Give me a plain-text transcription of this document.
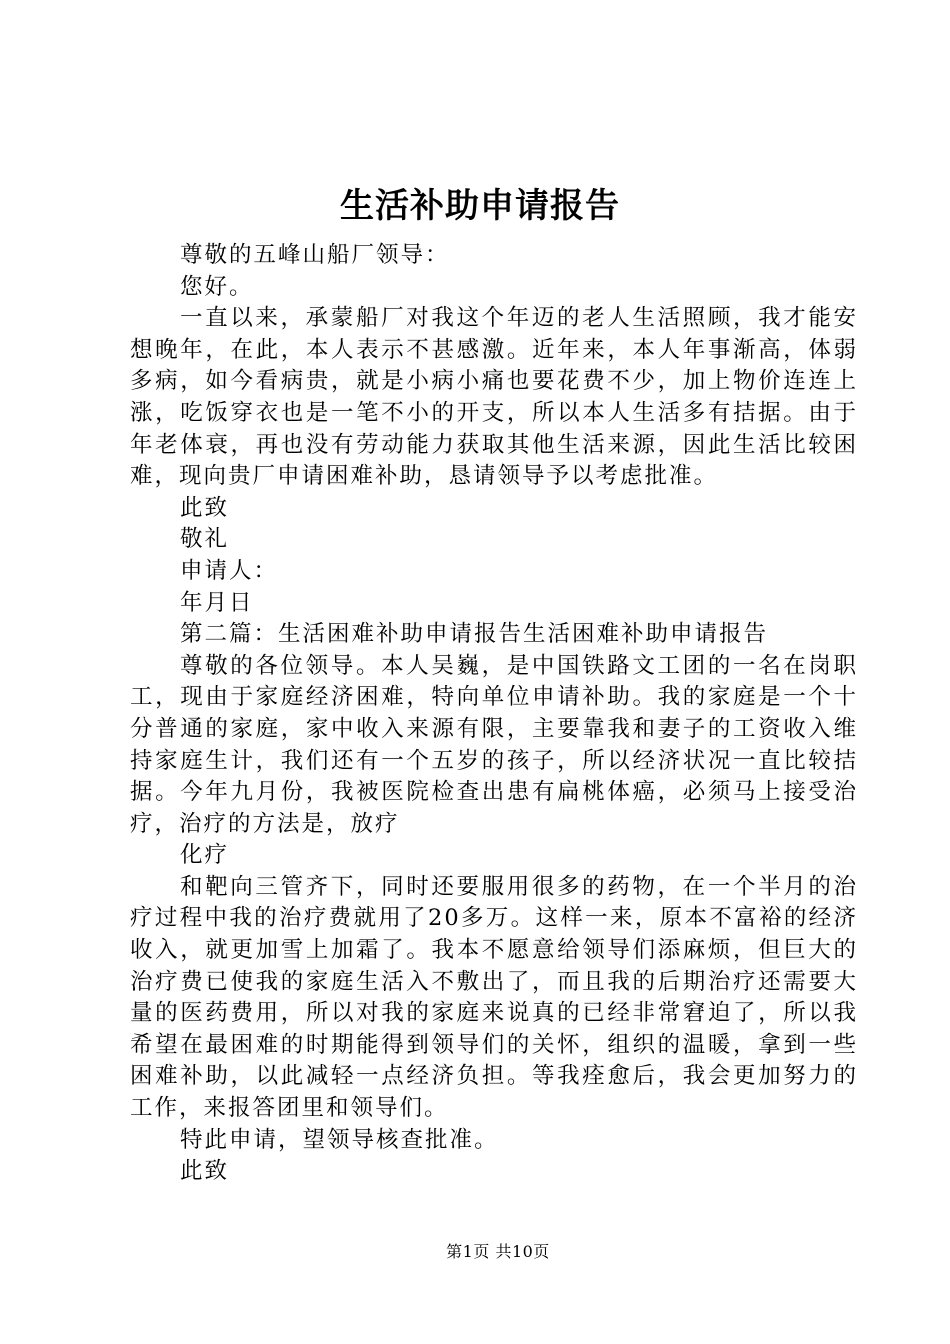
生活补助申请报告

尊敬的五峰山船厂领导：

您好。

一直以来，承蒙船厂对我这个年迈的老人生活照顾，我才能安想晚年，在此，本人表示不甚感激。近年来，本人年事渐高，体弱多病，如今看病贵，就是小病小痛也要花费不少，加上物价连连上涨，吃饭穿衣也是一笔不小的开支，所以本人生活多有拮据。由于年老体衰，再也没有劳动能力获取其他生活来源，因此生活比较困难，现向贵厂申请困难补助，恳请领导予以考虑批准。

此致

敬礼

申请人：

年月日

第二篇：生活困难补助申请报告生活困难补助申请报告

尊敬的各位领导。本人吴巍，是中国铁路文工团的一名在岗职工，现由于家庭经济困难，特向单位申请补助。我的家庭是一个十分普通的家庭，家中收入来源有限，主要靠我和妻子的工资收入维持家庭生计，我们还有一个五岁的孩子，所以经济状况一直比较拮据。今年九月份，我被医院检查出患有扁桃体癌，必须马上接受治疗，治疗的方法是，放疗

化疗

和靶向三管齐下，同时还要服用很多的药物，在一个半月的治疗过程中我的治疗费就用了20多万。这样一来，原本不富裕的经济收入，就更加雪上加霜了。我本不愿意给领导们添麻烦，但巨大的治疗费已使我的家庭生活入不敷出了，而且我的后期治疗还需要大量的医药费用，所以对我的家庭来说真的已经非常窘迫了，所以我希望在最困难的时期能得到领导们的关怀，组织的温暖，拿到一些困难补助，以此减轻一点经济负担。等我痊愈后，我会更加努力的工作，来报答团里和领导们。

特此申请，望领导核查批准。

此致

第1页 共10页
